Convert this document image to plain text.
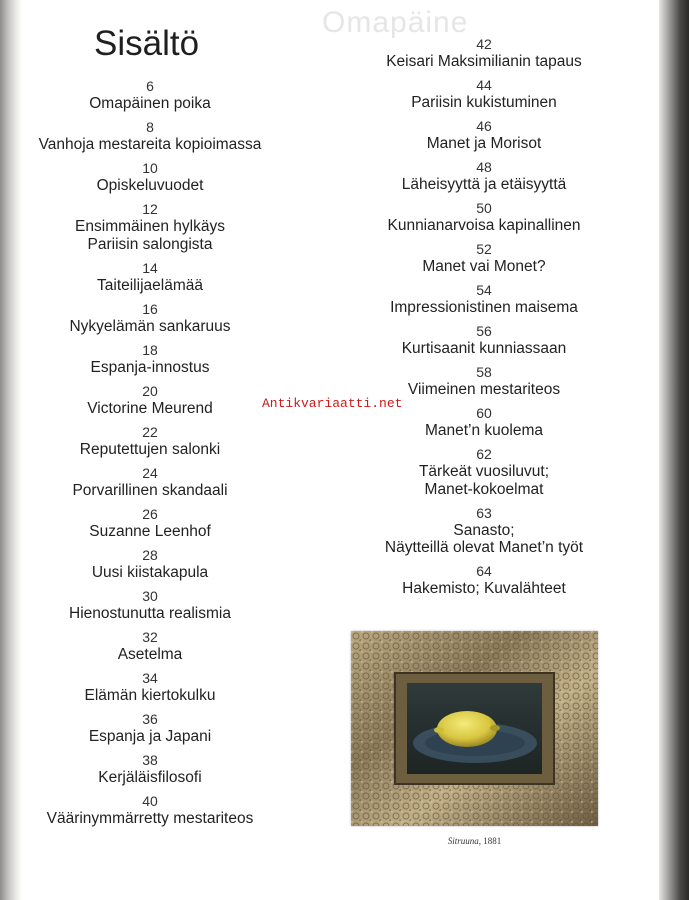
Omapäine
Sisältö
6
Omapäinen poika
8
Vanhoja mestareita kopioimassa
10
Opiskeluvuodet
12
Ensimmäinen hylkäys
Pariisin salongista
14
Taiteilijaelämää
16
Nykyelämän sankaruus
18
Espanja-innostus
20
Victorine Meurend
22
Reputettujen salonki
24
Porvarillinen skandaali
26
Suzanne Leenhof
28
Uusi kiistakapula
30
Hienostunutta realismia
32
Asetelma
34
Elämän kiertokulku
36
Espanja ja Japani
38
Kerjäläisfilosofi
40
Väärinymmärretty mestariteos
42
Keisari Maksimilianin tapaus
44
Pariisin kukistuminen
46
Manet ja Morisot
48
Läheisyyttä ja etäisyyttä
50
Kunnianarvoisa kapinallinen
52
Manet vai Monet?
54
Impressionistinen maisema
56
Kurtisaanit kunniassaan
58
Viimeinen mestariteos
60
Manet’n kuolema
62
Tärkeät vuosiluvut;
Manet-kokoelmat
63
Sanasto;
Näytteillä olevat Manet’n työt
64
Hakemisto; Kuvalähteet
Antikvariaatti.net
Sitruuna, 1881
